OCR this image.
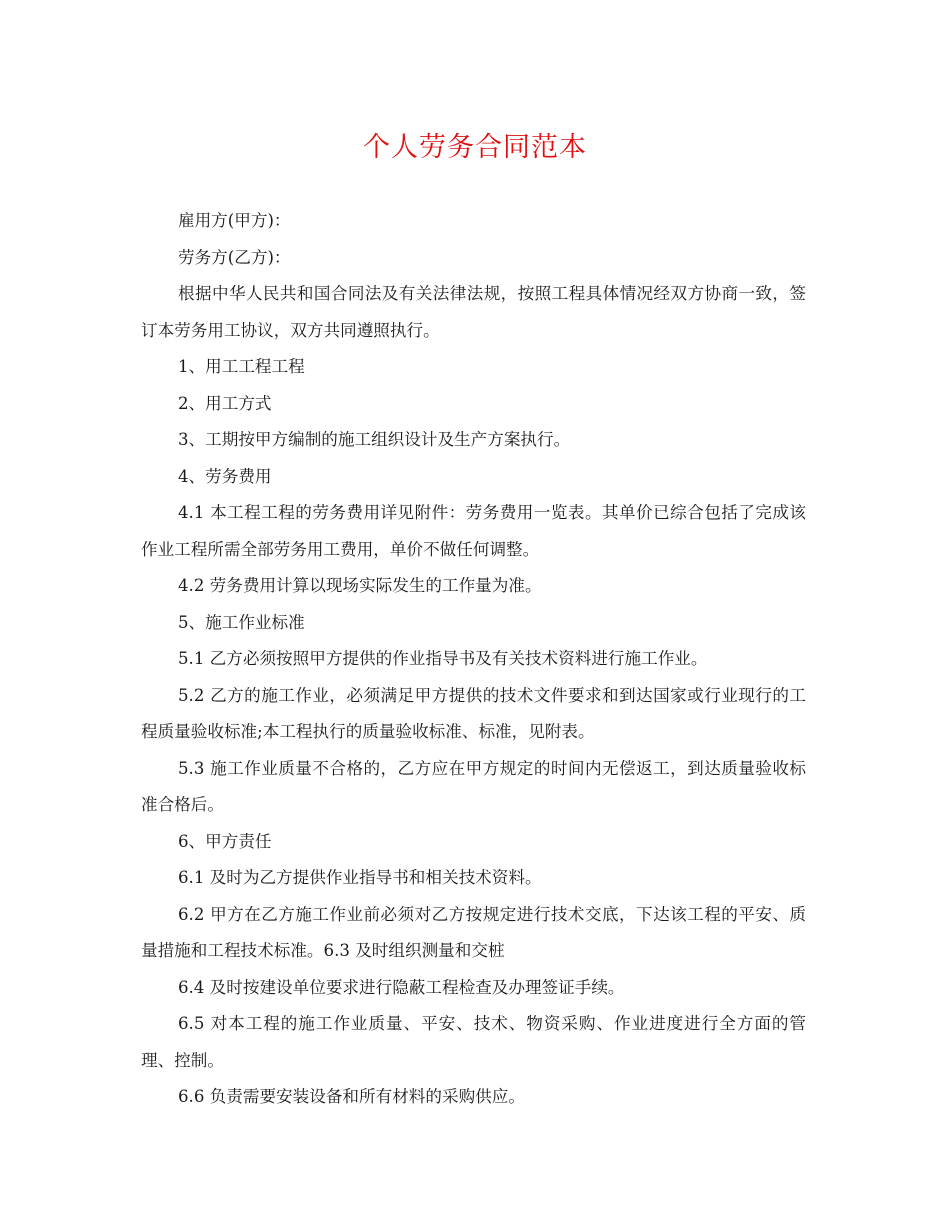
个人劳务合同范本

雇用方(甲方)：

劳务方(乙方)：

根据中华人民共和国合同法及有关法律法规，按照工程具体情况经双方协商一致，签订本劳务用工协议，双方共同遵照执行。

1、用工工程工程

2、用工方式

3、工期按甲方编制的施工组织设计及生产方案执行。

4、劳务费用

4.1 本工程工程的劳务费用详见附件：劳务费用一览表。其单价已综合包括了完成该作业工程所需全部劳务用工费用，单价不做任何调整。

4.2 劳务费用计算以现场实际发生的工作量为准。

5、施工作业标准

5.1 乙方必须按照甲方提供的作业指导书及有关技术资料进行施工作业。

5.2 乙方的施工作业，必须满足甲方提供的技术文件要求和到达国家或行业现行的工程质量验收标准;本工程执行的质量验收标准、标准，见附表。

5.3 施工作业质量不合格的，乙方应在甲方规定的时间内无偿返工，到达质量验收标准合格后。

6、甲方责任

6.1 及时为乙方提供作业指导书和相关技术资料。

6.2 甲方在乙方施工作业前必须对乙方按规定进行技术交底，下达该工程的平安、质量措施和工程技术标准。6.3 及时组织测量和交桩

6.4 及时按建设单位要求进行隐蔽工程检查及办理签证手续。

6.5 对本工程的施工作业质量、平安、技术、物资采购、作业进度进行全方面的管理、控制。

6.6 负责需要安装设备和所有材料的采购供应。
